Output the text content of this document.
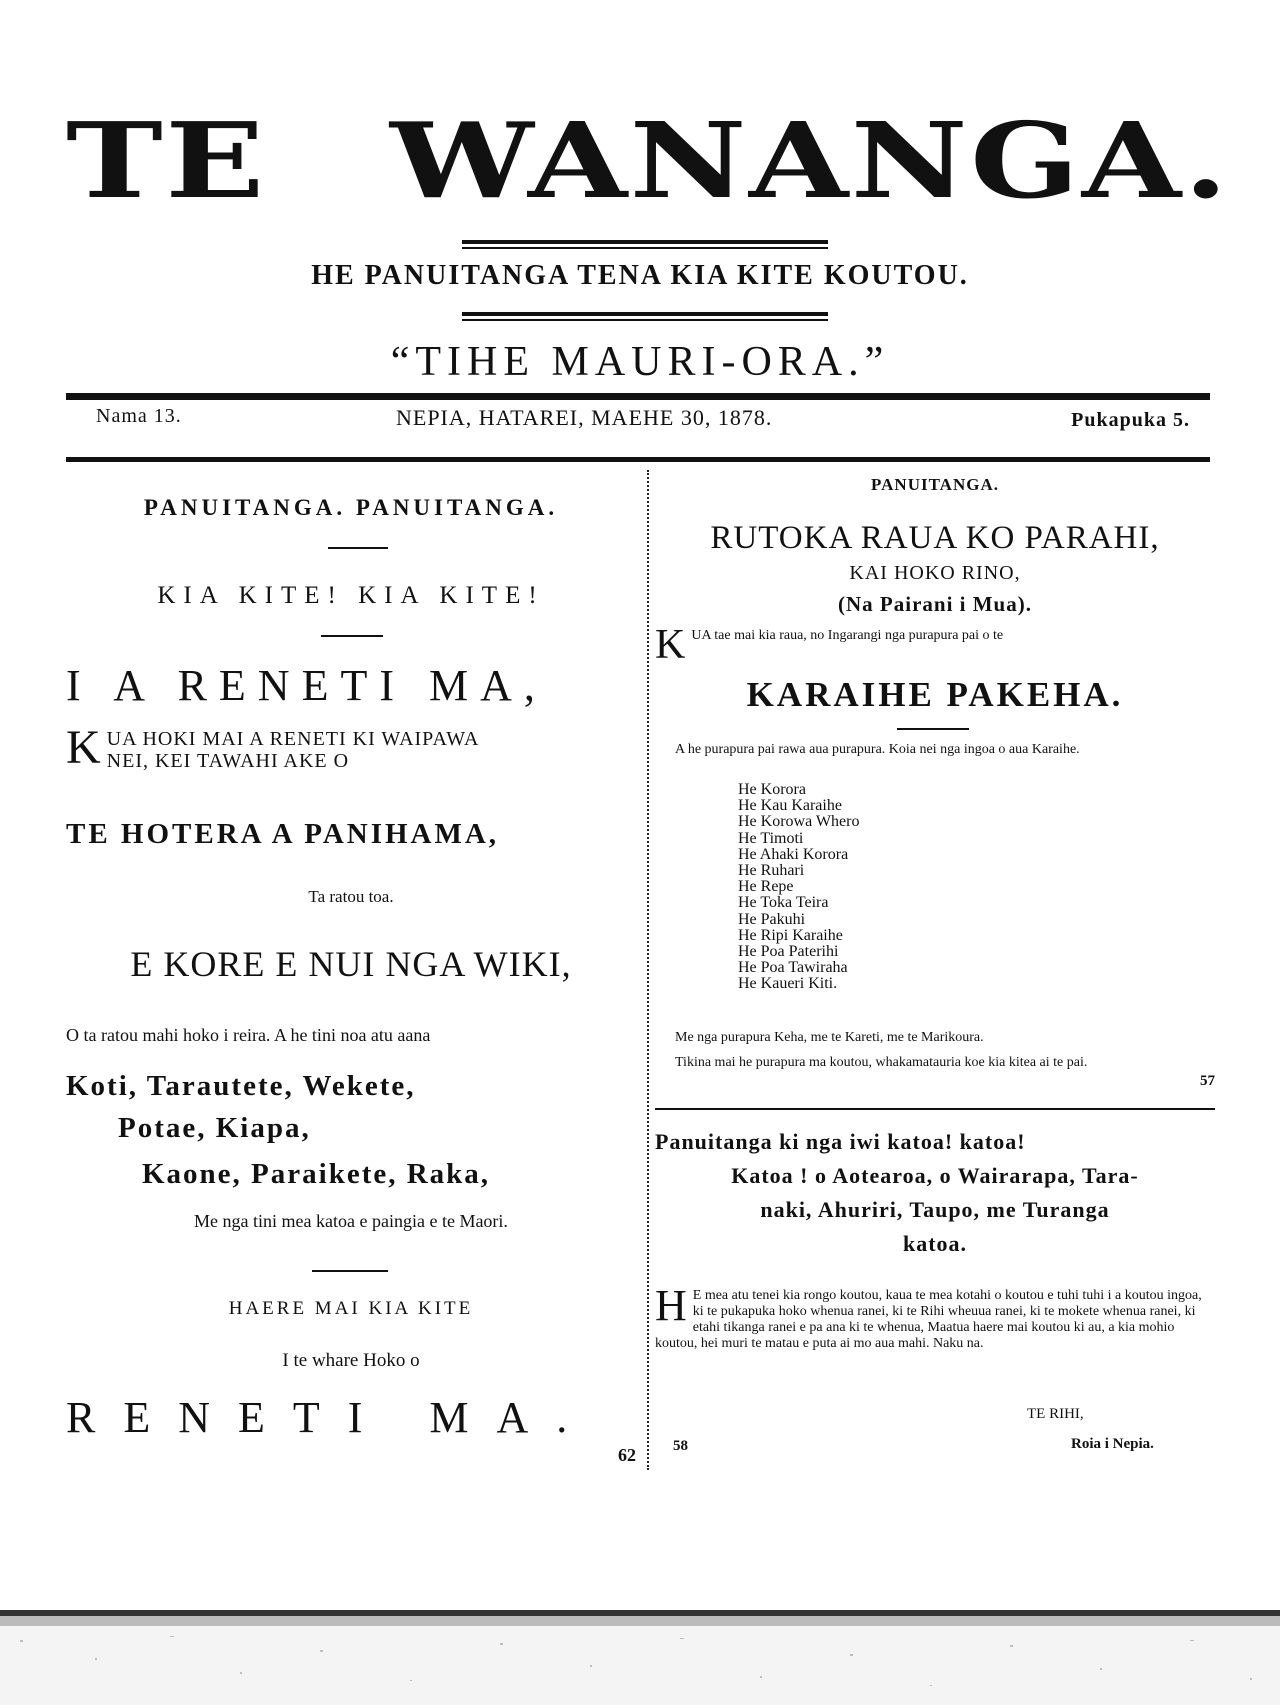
TE WANANGA.
HE PANUITANGA TENA KIA KITE KOUTOU.
“TIHE MAURI-ORA.”
Nama 13.	NEPIA, HATAREI, MAEHE 30, 1878.	Pukapuka 5.
PANUITANGA. PANUITANGA.
KIA KITE! KIA KITE!
I A RENETI MA,
K UA HOKI MAI A RENETI KI WAIPAWA
NEI, KEI TAWAHI AKE O
TE HOTERA A PANIHAMA,
Ta ratou toa.
E KORE E NUI NGA WIKI,
O ta ratou mahi hoko i reira. A he tini noa atu aana
Koti, Tarautete, Wekete,
Potae, Kiapa,
Kaone, Paraikete, Raka,
Me nga tini mea katoa e paingia e te Maori.
HAERE MAI KIA KITE
I te whare Hoko o
RENETI MA.
62
PANUITANGA.
RUTOKA RAUA KO PARAHI,
KAI HOKO RINO,
(Na Pairani i Mua).
K UA tae mai kia raua, no Ingarangi nga purapura pai o te
KARAIHE PAKEHA.
A he purapura pai rawa aua purapura. Koia nei nga ingoa o aua Karaihe.
He Korora
He Kau Karaihe
He Korowa Whero
He Timoti
He Ahaki Korora
He Ruhari
He Repe
He Toka Teira
He Pakuhi
He Ripi Karaihe
He Poa Paterihi
He Poa Tawiraha
He Kaueri Kiti.
Me nga purapura Keha, me te Kareti, me te Marikoura.
Tikina mai he purapura ma koutou, whakamatauria koe kia kitea ai te pai.
57
Panuitanga ki nga iwi katoa! katoa!
Katoa ! o Aotearoa, o Wairarapa, Tara-
naki, Ahuriri, Taupo, me Turanga
katoa.
H E mea atu tenei kia rongo koutou, kaua te mea kotahi o koutou e tuhi tuhi i a koutou ingoa, ki te pukapuka hoko whenua ranei, ki te Rihi wheuua ranei, ki te mokete whenua ranei, ki etahi tikanga ranei e pa ana ki te whenua, Maatua haere mai koutou ki au, a kia mohio koutou, hei muri te matau e puta ai mo aua mahi. Naku na.
TE RIHI,
Roia i Nepia.
58
